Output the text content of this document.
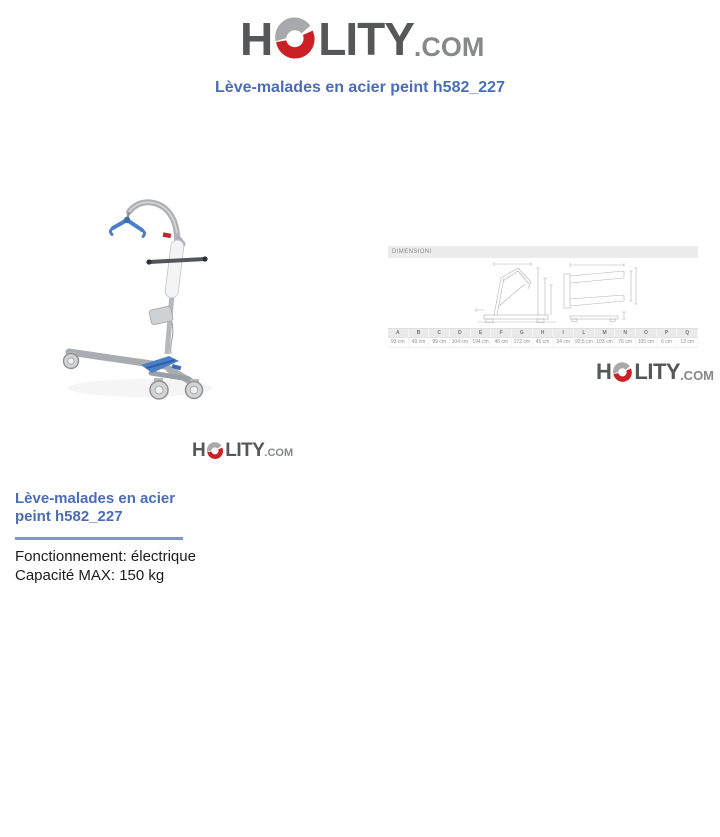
H LITY .COM
Lève-malades en acier peint h582_227
DIMENSIONI
A	B	C	D	E	F	G	H	I	L	M	N	O	P	Q
93 cm	49 cm	99 cm	104 cm 194 cm	46 cm	172 cm	45 cm	34 cm 93,5 cm 103 cm	76 cm	105 cm	6 cm	13 cm
H LITY .COM
H LITY .COM
Lève-malades en acier peint h582_227
Fonctionnement: électrique
Capacité MAX: 150 kg
